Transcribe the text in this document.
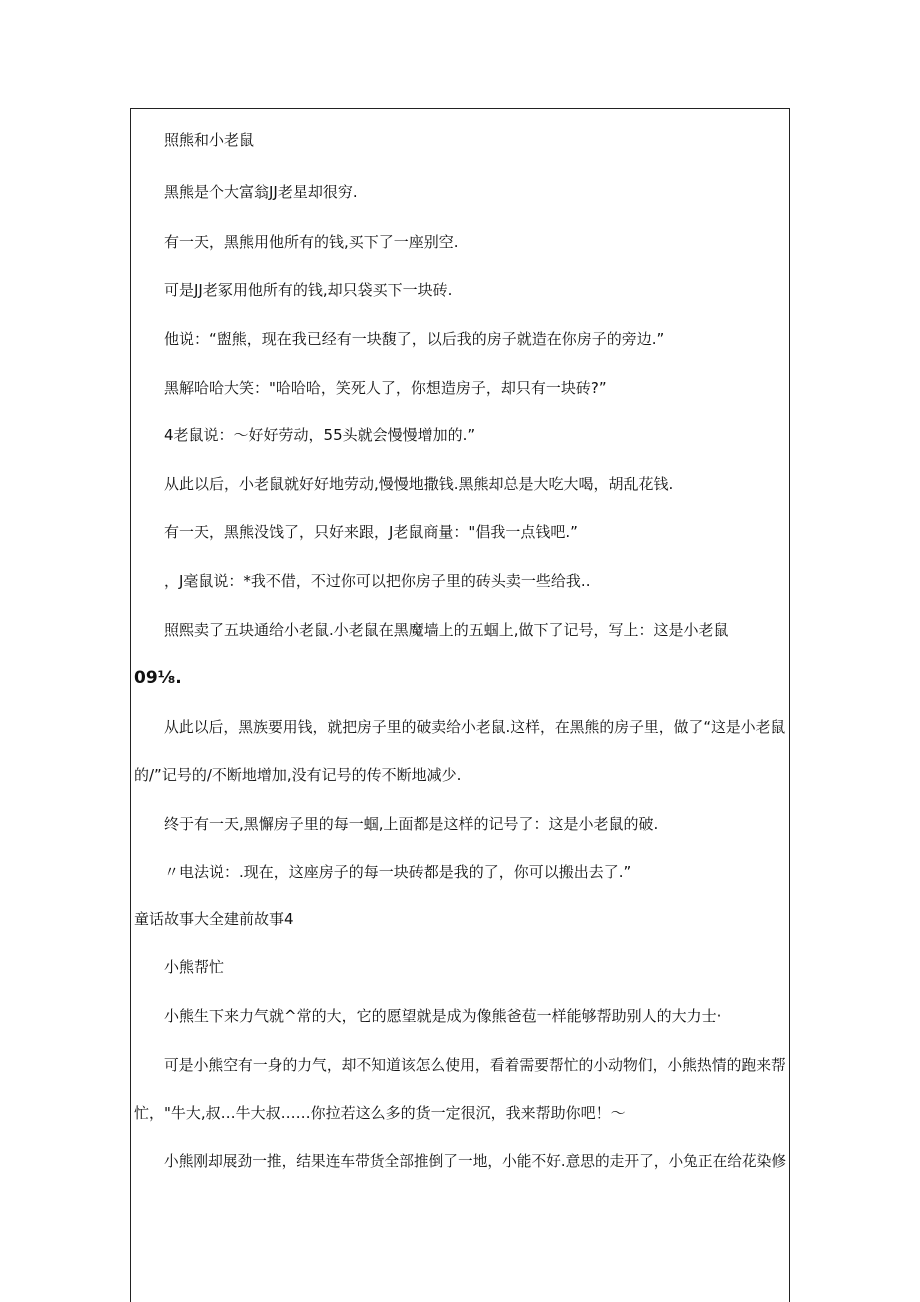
照熊和小老鼠
黑熊是个大富翁JJ老星却很穷.
有一天，黑熊用他所有的钱,买下了一座别空.
可是JJ老冢用他所有的钱,却只袋买下一块砖.
他说：“盥熊，现在我已经有一块馥了，以后我的房子就造在你房子的旁边.”
黑解哈哈大笑："哈哈哈，笑死人了，你想造房子，却只有一块砖?”
4老鼠说：〜好好劳动，55头就会慢慢增加的.”
从此以后，小老鼠就好好地劳动,慢慢地撒钱.黑熊却总是大吃大喝，胡乱花钱.
有一天，黑熊没饯了，只好来跟，J老鼠商量："倡我一点钱吧.”
，J毫鼠说：*我不借，不过你可以把你房子里的砖头卖一些给我..
照熙卖了五块通给小老鼠.小老鼠在黑魔墙上的五蝈上,做下了记号，写上：这是小老鼠
09⅛.
从此以后，黑族要用钱，就把房子里的破卖给小老鼠.这样，在黑熊的房子里，做了“这是小老鼠
的/”记号的/不断地增加,没有记号的传不断地减少.
终于有一天,黑懈房子里的每一蝈,上面都是这样的记号了：这是小老鼠的破.
〃电法说：.现在，这座房子的每一块砖都是我的了，你可以搬出去了.”
童话故事大全建前故事4
小熊帮忙
小熊生下来力气就^常的大，它的愿望就是成为像熊爸苞一样能够帮助别人的大力士·
可是小熊空有一身的力气，却不知道该怎么使用，看着需要帮忙的小动物们，小熊热情的跑来帮
忙，"牛大,叔…牛大叔……你拉若这么多的货一定很沉，我来帮助你吧！〜
小熊刚却展劲一推，结果连车带货全部推倒了一地，小能不好.意思的走开了，小兔正在给花染修
